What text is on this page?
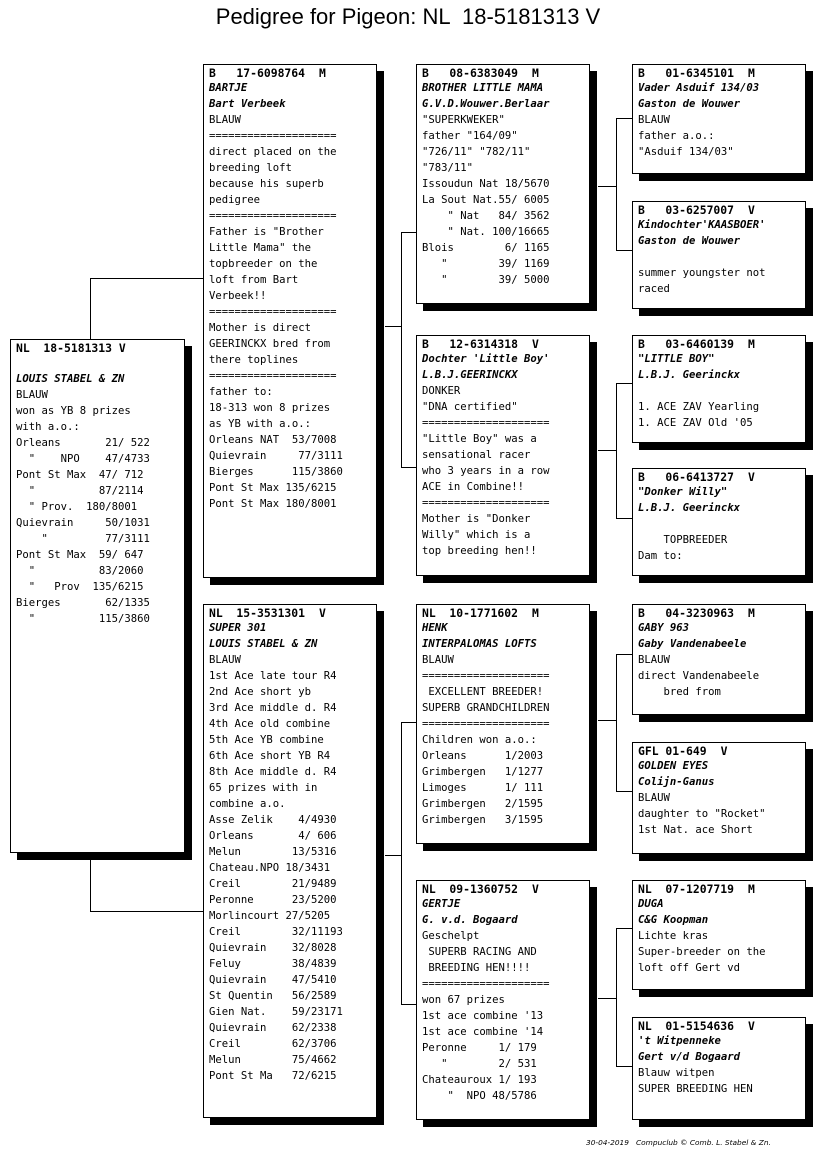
Pedigree for Pigeon: NL  18-5181313 V
NL  18-5181313 V

LOUIS STABEL & ZN
BLAUW
won as YB 8 prizes
with a.o.:
Orleans       21/ 522
"    NPO    47/4733
Pont St Max  47/ 712
"          87/2114
" Prov.  180/8001
Quievrain     50/1031
"         77/3111
Pont St Max  59/ 647
"          83/2060
"   Prov  135/6215
Bierges       62/1335
"          115/3860
B   17-6098764 M
BARTJE
Bart Verbeek
BLAUW
====================
direct placed on the
breeding loft
because his superb
pedigree
====================
Father is "Brother
Little Mama" the
topbreeder on the
loft from Bart
Verbeek!!
====================
Mother is direct
GEERINCKX bred from
there toplines
====================
father to:
18-313 won 8 prizes
as YB with a.o.:
Orleans NAT  53/7008
Quievrain     77/3111
Bierges      115/3860
Pont St Max 135/6215
Pont St Max 180/8001
NL  15-3531301 V
SUPER 301
LOUIS STABEL & ZN
BLAUW
1st Ace late tour R4
2nd Ace short yb
3rd Ace middle d. R4
4th Ace old combine
5th Ace YB combine
6th Ace short YB R4
8th Ace middle d. R4
65 prizes with in
combine a.o.
Asse Zelik    4/4930
Orleans       4/ 606
Melun        13/5316
Chateau.NPO 18/3431
Creil        21/9489
Peronne      23/5200
Morlincourt 27/5205
Creil        32/11193
Quievrain    32/8028
Feluy        38/4839
Quievrain    47/5410
St Quentin   56/2589
Gien Nat.    59/23171
Quievrain    62/2338
Creil        62/3706
Melun        75/4662
Pont St Ma   72/6215
B   08-6383049 M
BROTHER LITTLE MAMA
G.V.D.Wouwer.Berlaar
"SUPERKWEKER"
father "164/09"
"726/11" "782/11"
"783/11"
Issoudun Nat 18/5670
La Sout Nat.55/ 6005
" Nat   84/ 3562
" Nat. 100/16665
Blois        6/ 1165
"        39/ 1169
"        39/ 5000
B   12-6314318 V
Dochter 'Little Boy'
L.B.J.GEERINCKX
DONKER
"DNA certified"
====================
"Little Boy" was a
sensational racer
who 3 years in a row
ACE in Combine!!
====================
Mother is "Donker
Willy" which is a
top breeding hen!!
NL  10-1771602 M
HENK
INTERPALOMAS LOFTS
BLAUW
====================
EXCELLENT BREEDER!
SUPERB GRANDCHILDREN
====================
Children won a.o.:
Orleans      1/2003
Grimbergen   1/1277
Limoges      1/ 111
Grimbergen   2/1595
Grimbergen   3/1595
NL  09-1360752 V
GERTJE
G. v.d. Bogaard
Geschelpt
SUPERB RACING AND
BREEDING HEN!!!!
====================
won 67 prizes
1st ace combine '13
1st ace combine '14
Peronne     1/ 179
"        2/ 531
Chateauroux 1/ 193
"  NPO 48/5786
B   01-6345101 M
Vader Asduif 134/03
Gaston de Wouwer
BLAUW
father a.o.:
"Asduif 134/03"
B   03-6257007 V
Kindochter'KAASBOER'
Gaston de Wouwer

summer youngster not
raced
B   03-6460139 M
"LITTLE BOY"
L.B.J. Geerinckx

1. ACE ZAV Yearling
1. ACE ZAV Old '05
B   06-6413727 V
"Donker Willy"
L.B.J. Geerinckx

TOPBREEDER
Dam to:
B   04-3230963 M
GABY 963
Gaby Vandenabeele
BLAUW
direct Vandenabeele
bred from
GFL 01-649 V
GOLDEN EYES
Colijn-Ganus
BLAUW
daughter to "Rocket"
1st Nat. ace Short
NL  07-1207719 M
DUGA
C&G Koopman
Lichte kras
Super-breeder on the
loft off Gert vd
NL  01-5154636 V
't Witpenneke
Gert v/d Bogaard
Blauw witpen
SUPER BREEDING HEN
30-04-2019   Compuclub © Comb. L. Stabel & Zn.
